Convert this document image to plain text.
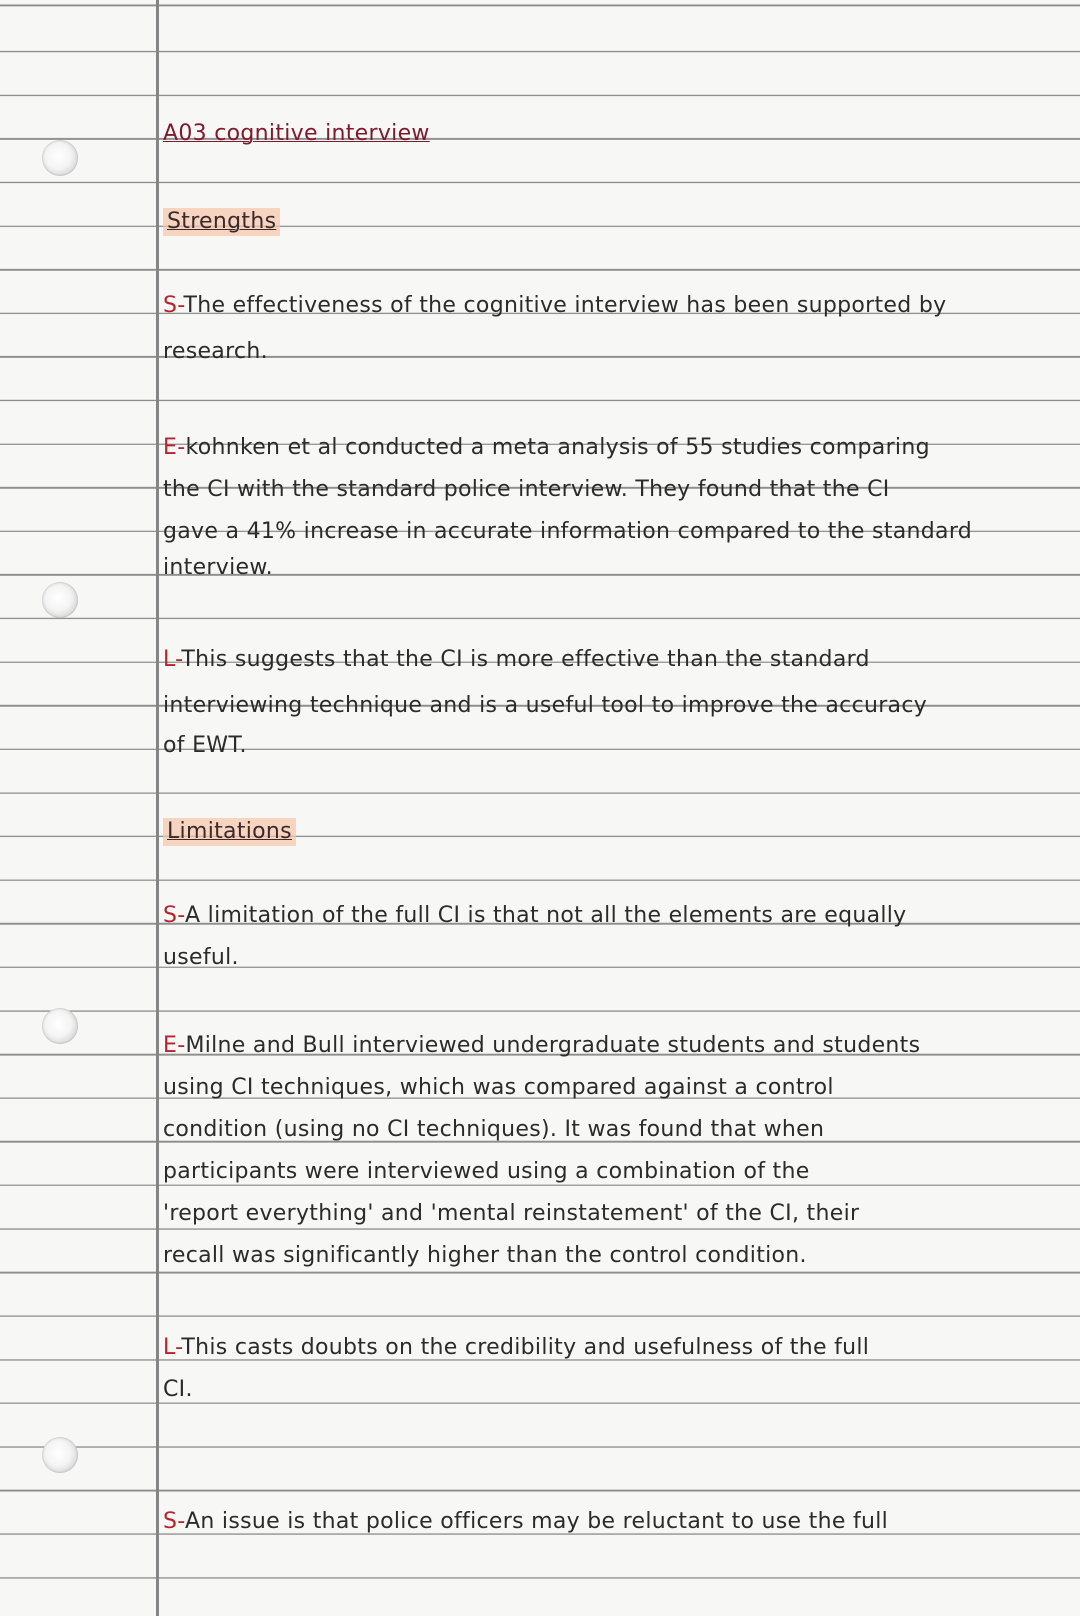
A03 cognitive interview
Strengths
S-The effectiveness of the cognitive interview has been supported by
research.
E-kohnken et al conducted a meta analysis of 55 studies comparing
the CI with the standard police interview. They found that the CI
gave a 41% increase in accurate information compared to the standard
interview.
L-This suggests that the CI is more effective than the standard
interviewing technique and is a useful tool to improve the accuracy
of EWT.
Limitations
S-A limitation of the full CI is that not all the elements are equally
useful.
E-Milne and Bull interviewed undergraduate students and students
using CI techniques, which was compared against a control
condition (using no CI techniques). It was found that when
participants were interviewed using a combination of the
'report everything' and 'mental reinstatement' of the CI, their
recall was significantly higher than the control condition.
L-This casts doubts on the credibility and usefulness of the full
CI.
S-An issue is that police officers may be reluctant to use the full
